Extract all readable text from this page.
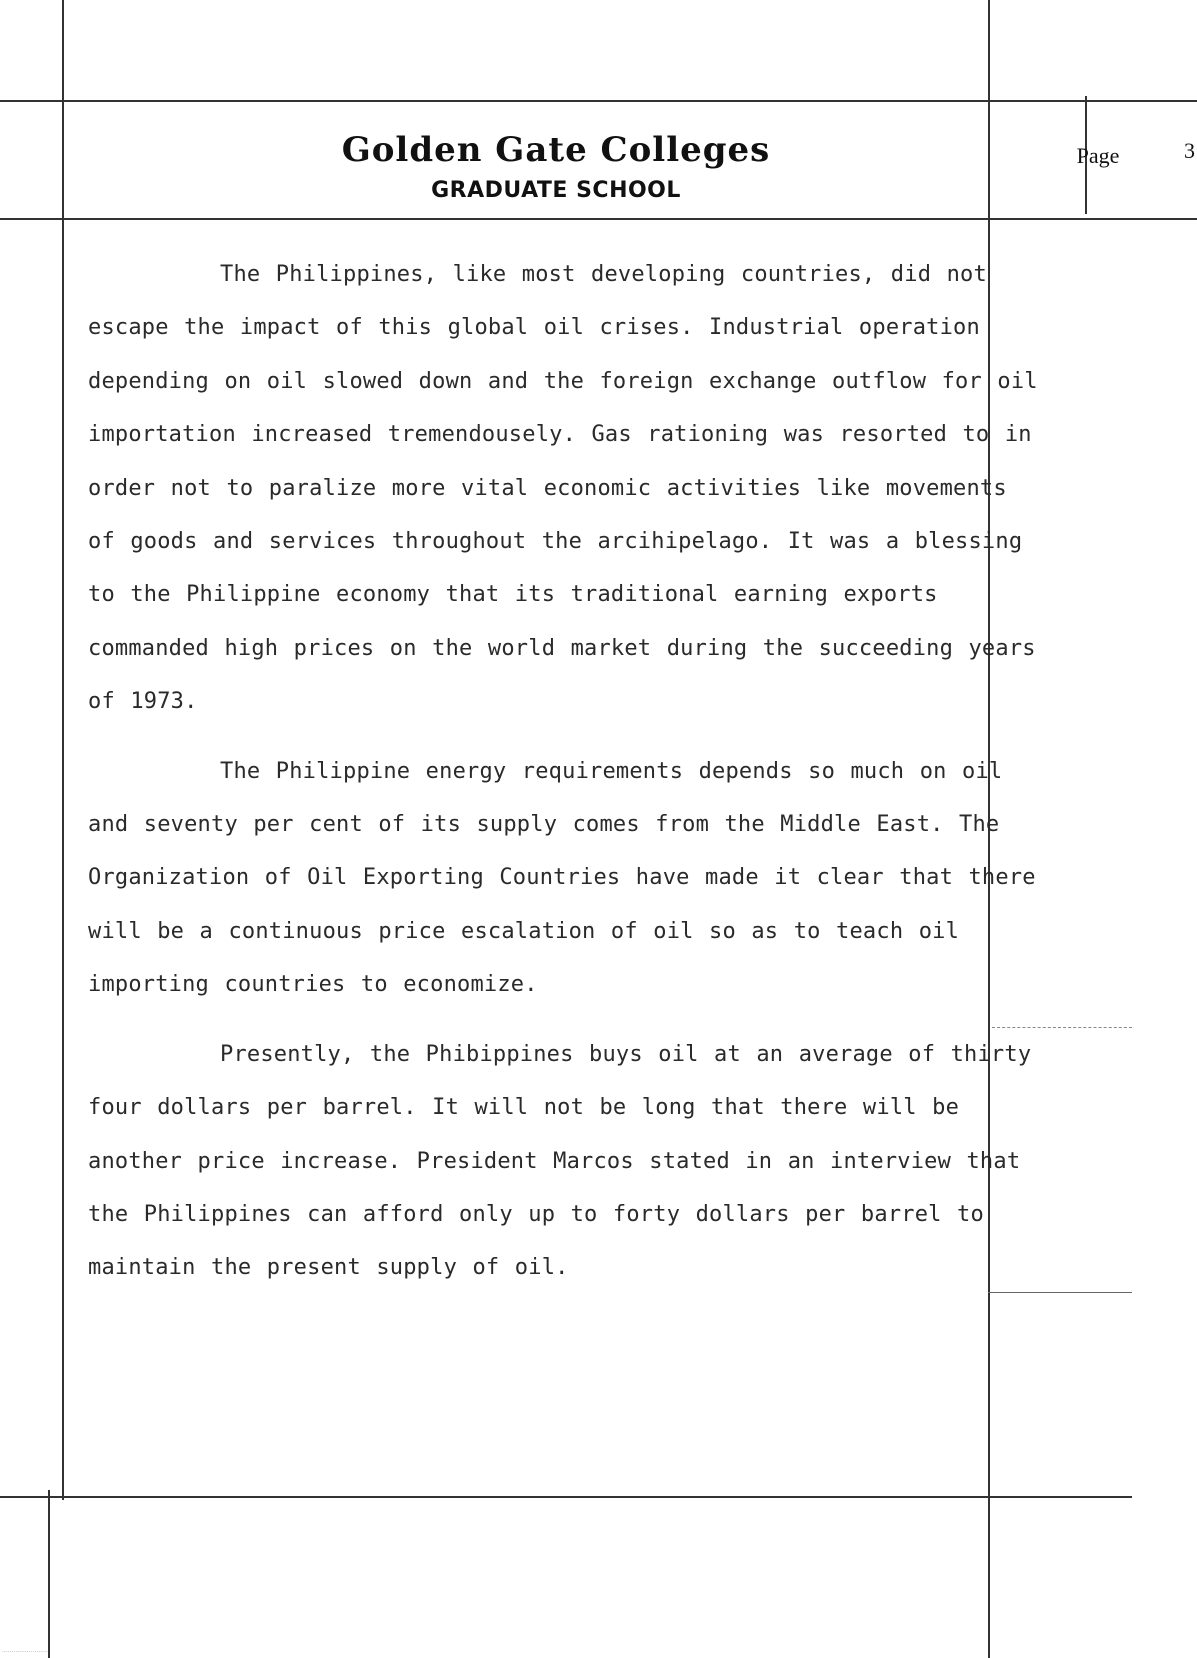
Golden Gate Colleges
GRADUATE SCHOOL
Page	3

The Philippines, like most developing countries, did not escape the impact of this global oil crises. Industrial operation depending on oil slowed down and the foreign exchange outflow for oil importation increased tremendousely. Gas rationing was resorted to in order not to paralize more vital economic activities like movements of goods and services throughout the arcihipelago. It was a blessing to the Philippine economy that its traditional earning exports commanded high prices on the world market during the succeeding years of 1973.

The Philippine energy requirements depends so much on oil and seventy per cent of its supply comes from the Middle East. The Organization of Oil Exporting Countries have made it clear that there will be a continuous price escalation of oil so as to teach oil importing countries to economize.

Presently, the Phibippines buys oil at an average of thirty four dollars per barrel. It will not be long that there will be another price increase. President Marcos stated in an interview that the Philippines can afford only up to forty dollars per barrel to maintain the present supply of oil.

........................
